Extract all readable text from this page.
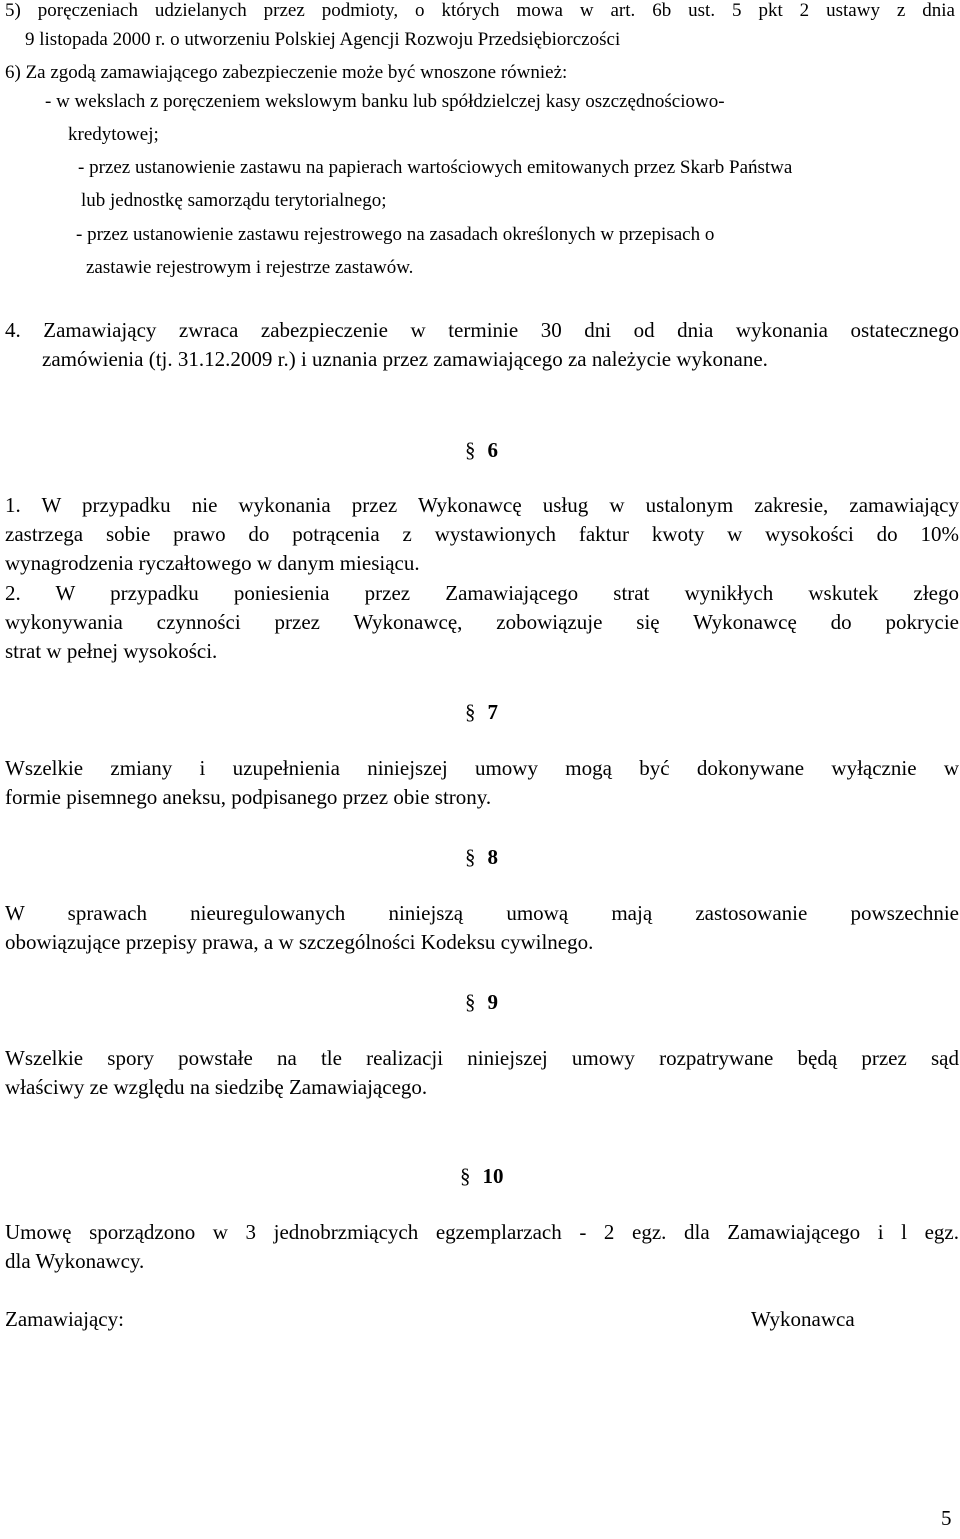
5) poręczeniach udzielanych przez podmioty, o których mowa w art. 6b ust. 5 pkt 2 ustawy z dnia
9 listopada 2000 r. o utworzeniu Polskiej Agencji Rozwoju Przedsiębiorczości
6) Za zgodą zamawiającego zabezpieczenie może być wnoszone również:
- w wekslach z poręczeniem wekslowym banku lub spółdzielczej kasy oszczędnościowo-
kredytowej;
- przez ustanowienie zastawu na papierach wartościowych emitowanych przez Skarb Państwa
lub jednostkę samorządu terytorialnego;
- przez ustanowienie zastawu rejestrowego na zasadach określonych w przepisach o
zastawie rejestrowym i rejestrze zastawów.
4. Zamawiający zwraca zabezpieczenie w terminie 30 dni od dnia wykonania ostatecznego
zamówienia (tj. 31.12.2009 r.) i uznania przez zamawiającego za należycie wykonane.
§ 6
1. W przypadku nie wykonania przez Wykonawcę usług w ustalonym zakresie, zamawiający
zastrzega sobie prawo do potrącenia z wystawionych faktur kwoty w wysokości do 10%
wynagrodzenia ryczałtowego w danym miesiącu.
2. W przypadku poniesienia przez Zamawiającego strat wynikłych wskutek złego
wykonywania czynności przez Wykonawcę, zobowiązuje się Wykonawcę do pokrycie
strat w pełnej wysokości.
§ 7
Wszelkie zmiany i uzupełnienia niniejszej umowy mogą być dokonywane wyłącznie w
formie pisemnego aneksu, podpisanego przez obie strony.
§ 8
W sprawach nieuregulowanych niniejszą umową mają zastosowanie powszechnie
obowiązujące przepisy prawa, a w szczególności Kodeksu cywilnego.
§ 9
Wszelkie spory powstałe na tle realizacji niniejszej umowy rozpatrywane będą przez sąd
właściwy ze względu na siedzibę Zamawiającego.
§ 10
Umowę sporządzono w 3 jednobrzmiących egzemplarzach - 2 egz. dla Zamawiającego i l egz.
dla Wykonawcy.
Zamawiający:	Wykonawca
5
